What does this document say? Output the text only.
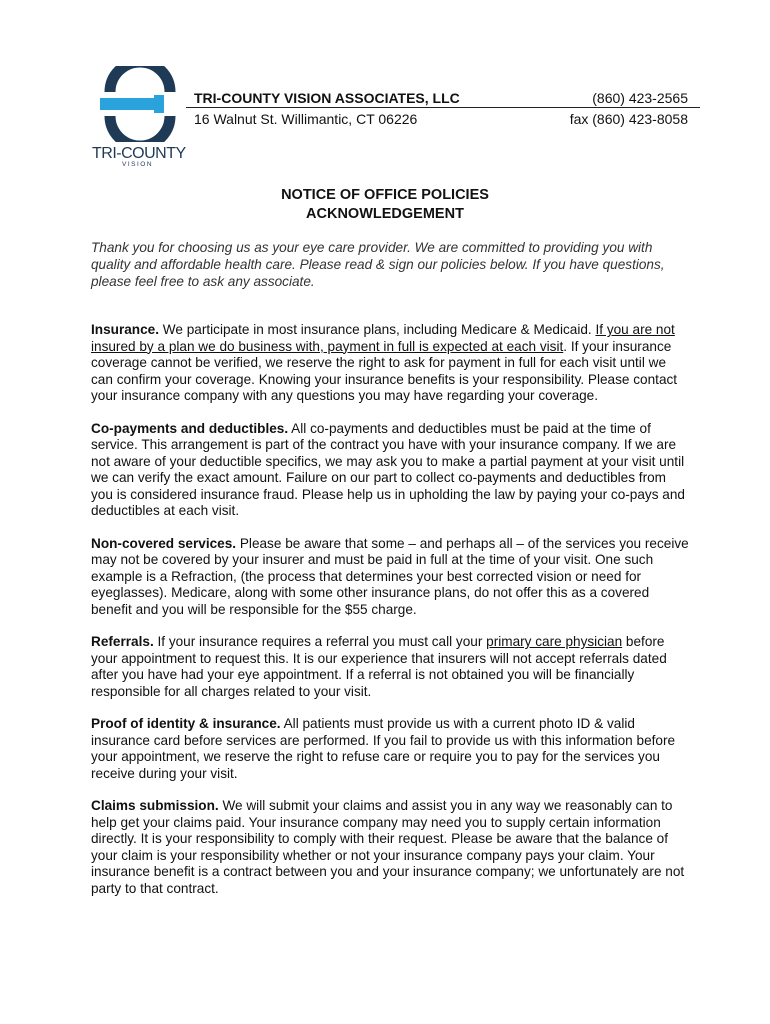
TRI-COUNTY
VISION
TRI-COUNTY VISION ASSOCIATES, LLC	(860) 423-2565
16 Walnut St. Willimantic, CT 06226	fax (860) 423-8058
NOTICE OF OFFICE POLICIES
ACKNOWLEDGEMENT

Thank you for choosing us as your eye care provider. We are committed to providing you with quality and affordable health care. Please read & sign our policies below. If you have questions, please feel free to ask any associate.

Insurance. We participate in most insurance plans, including Medicare & Medicaid. If you are not insured by a plan we do business with, payment in full is expected at each visit. If your insurance coverage cannot be verified, we reserve the right to ask for payment in full for each visit until we can confirm your coverage. Knowing your insurance benefits is your responsibility. Please contact your insurance company with any questions you may have regarding your coverage.

Co-payments and deductibles. All co-payments and deductibles must be paid at the time of service. This arrangement is part of the contract you have with your insurance company. If we are not aware of your deductible specifics, we may ask you to make a partial payment at your visit until we can verify the exact amount. Failure on our part to collect co-payments and deductibles from you is considered insurance fraud. Please help us in upholding the law by paying your co-pays and deductibles at each visit.

Non-covered services. Please be aware that some – and perhaps all – of the services you receive may not be covered by your insurer and must be paid in full at the time of your visit. One such example is a Refraction, (the process that determines your best corrected vision or need for eyeglasses). Medicare, along with some other insurance plans, do not offer this as a covered benefit and you will be responsible for the $55 charge.

Referrals. If your insurance requires a referral you must call your primary care physician before your appointment to request this. It is our experience that insurers will not accept referrals dated after you have had your eye appointment. If a referral is not obtained you will be financially responsible for all charges related to your visit.

Proof of identity & insurance. All patients must provide us with a current photo ID & valid insurance card before services are performed. If you fail to provide us with this information before your appointment, we reserve the right to refuse care or require you to pay for the services you receive during your visit.

Claims submission. We will submit your claims and assist you in any way we reasonably can to help get your claims paid. Your insurance company may need you to supply certain information directly. It is your responsibility to comply with their request. Please be aware that the balance of your claim is your responsibility whether or not your insurance company pays your claim. Your insurance benefit is a contract between you and your insurance company; we unfortunately are not party to that contract.
